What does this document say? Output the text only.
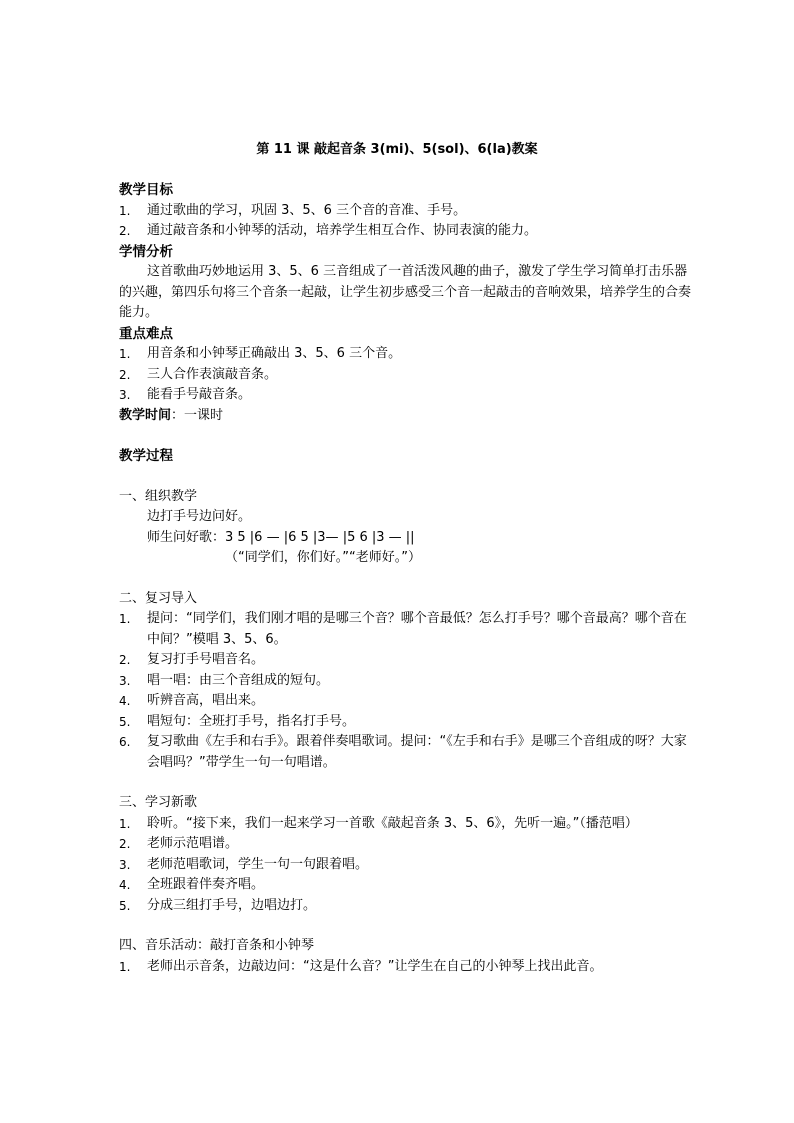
第 11 课 敲起音条 3(mi)、5(sol)、6(la)教案
教学目标
1.	通过歌曲的学习，巩固 3、5、6 三个音的音准、手号。
2.	通过敲音条和小钟琴的活动，培养学生相互合作、协同表演的能力。
学情分析
这首歌曲巧妙地运用 3、5、6 三音组成了一首活泼风趣的曲子，激发了学生学习简单打击乐器的兴趣，第四乐句将三个音条一起敲，让学生初步感受三个音一起敲击的音响效果，培养学生的合奏能力。
重点难点
1.	用音条和小钟琴正确敲出 3、5、6 三个音。
2.	三人合作表演敲音条。
3.	能看手号敲音条。
教学时间：一课时
教学过程
一、组织教学
边打手号边问好。
师生问好歌：3 5 |6 — |6 5 |3— |5 6 |3 — ||
（“同学们，你们好。”“老师好。”）
二、复习导入
1.	提问：“同学们，我们刚才唱的是哪三个音？哪个音最低？怎么打手号？哪个音最高？哪个音在中间？”模唱 3、5、6。
2.	复习打手号唱音名。
3.	唱一唱：由三个音组成的短句。
4.	听辨音高，唱出来。
5.	唱短句：全班打手号，指名打手号。
6.	复习歌曲《左手和右手》。跟着伴奏唱歌词。提问：“《左手和右手》是哪三个音组成的呀？大家会唱吗？”带学生一句一句唱谱。
三、学习新歌
1.	聆听。“接下来，我们一起来学习一首歌《敲起音条 3、5、6》，先听一遍。”（播范唱）
2.	老师示范唱谱。
3.	老师范唱歌词，学生一句一句跟着唱。
4.	全班跟着伴奏齐唱。
5.	分成三组打手号，边唱边打。
四、音乐活动：敲打音条和小钟琴
1.	老师出示音条，边敲边问：“这是什么音？”让学生在自己的小钟琴上找出此音。
